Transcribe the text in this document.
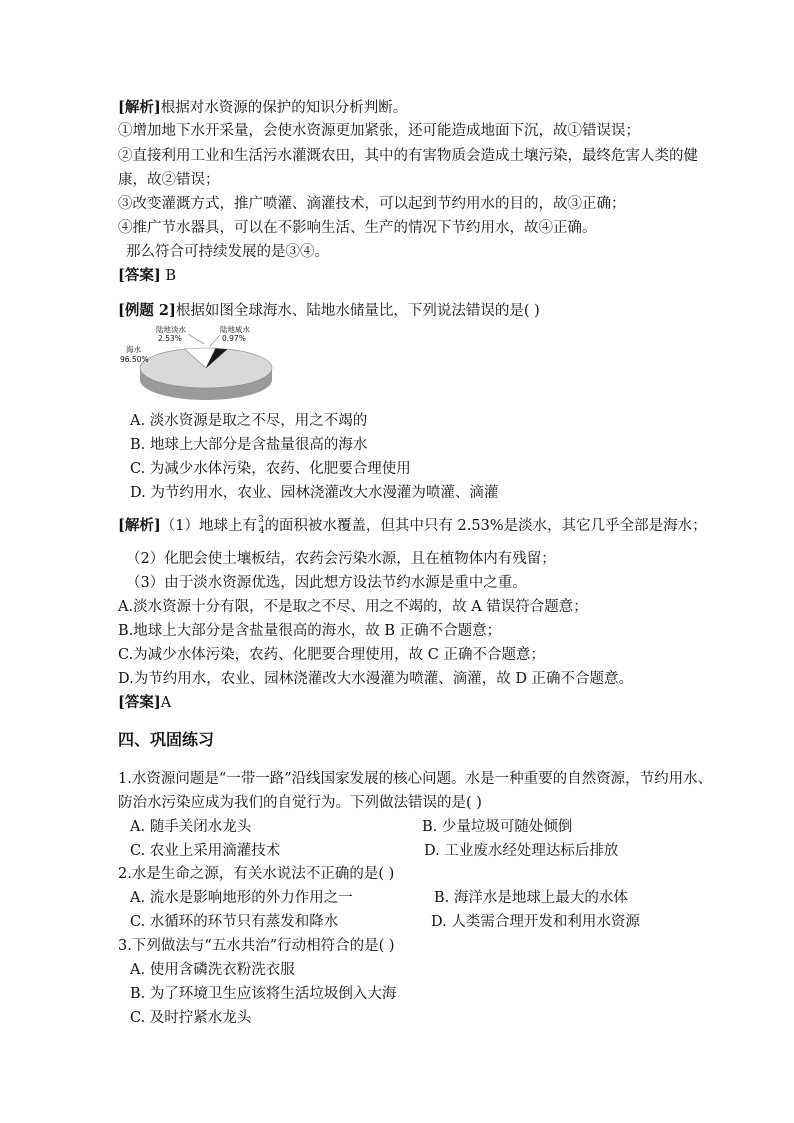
[解析]根据对水资源的保护的知识分析判断。
①增加地下水开采量，会使水资源更加紧张，还可能造成地面下沉，故①错误误；
②直接利用工业和生活污水灌溉农田，其中的有害物质会造成土壤污染，最终危害人类的健
康，故②错误；
③改变灌溉方式，推广喷灌、滴灌技术，可以起到节约用水的目的，故③正确；
④推广节水器具，可以在不影响生活、生产的情况下节约用水，故④正确。
那么符合可持续发展的是③④。
[答案] B
[例题 2]根据如图全球海水、陆地水储量比，下列说法错误的是( )
陆地淡水
2.53%
陆地咸水
0.97%
海水
96.50%
A. 淡水资源是取之不尽，用之不竭的
B. 地球上大部分是含盐量很高的海水
C. 为减少水体污染，农药、化肥要合理使用
D. 为节约用水，农业、园林浇灌改大水漫灌为喷灌、滴灌
[解析]（1）地球上有$^3_4$的面积被水覆盖，但其中只有 2.53%是淡水，其它几乎全部是海水；
（2）化肥会使土壤板结，农药会污染水源，且在植物体内有残留；
（3）由于淡水资源优选，因此想方设法节约水源是重中之重。
A.淡水资源十分有限，不是取之不尽、用之不竭的，故 A 错误符合题意；
B.地球上大部分是含盐量很高的海水，故 B 正确不合题意；
C.为减少水体污染，农药、化肥要合理使用，故 C 正确不合题意；
D.为节约用水，农业、园林浇灌改大水漫灌为喷灌、滴灌，故 D 正确不合题意。
[答案]A
四、巩固练习
1.水资源问题是“一带一路”沿线国家发展的核心问题。水是一种重要的自然资源，节约用水、
防治水污染应成为我们的自觉行为。下列做法错误的是( )
A. 随手关闭水龙头	B. 少量垃圾可随处倾倒
C. 农业上采用滴灌技术	D. 工业废水经处理达标后排放
2.水是生命之源，有关水说法不正确的是( )
A. 流水是影响地形的外力作用之一	B. 海洋水是地球上最大的水体
C. 水循环的环节只有蒸发和降水	D. 人类需合理开发和利用水资源
3.下列做法与“五水共治”行动相符合的是( )
A. 使用含磷洗衣粉洗衣服
B. 为了环境卫生应该将生活垃圾倒入大海
C. 及时拧紧水龙头
